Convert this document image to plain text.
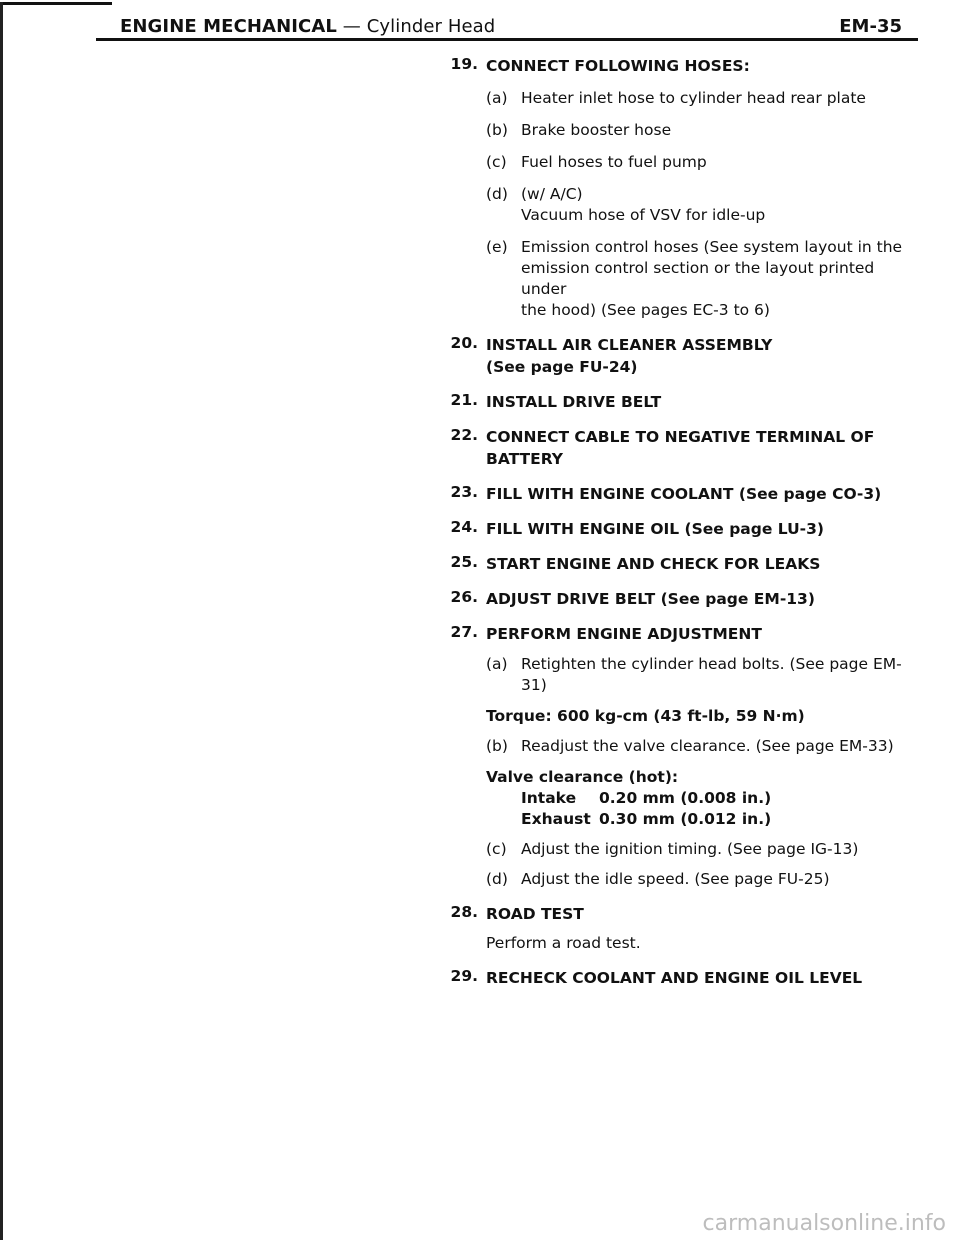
ENGINE MECHANICAL — Cylinder Head	EM-35
19. CONNECT FOLLOWING HOSES:
(a) Heater inlet hose to cylinder head rear plate
(b) Brake booster hose
(c) Fuel hoses to fuel pump
(d) (w/ A/C)
Vacuum hose of VSV for idle-up
(e) Emission control hoses (See system layout in the
emission control section or the layout printed under
the hood) (See pages EC-3 to 6)
20. INSTALL AIR CLEANER ASSEMBLY
(See page FU-24)
21. INSTALL DRIVE BELT
22. CONNECT CABLE TO NEGATIVE TERMINAL OF
BATTERY
23. FILL WITH ENGINE COOLANT (See page CO-3)
24. FILL WITH ENGINE OIL (See page LU-3)
25. START ENGINE AND CHECK FOR LEAKS
26. ADJUST DRIVE BELT (See page EM-13)
27. PERFORM ENGINE ADJUSTMENT
(a) Retighten the cylinder head bolts. (See page EM-31)
Torque: 600 kg-cm (43 ft-lb, 59 N·m)
(b) Readjust the valve clearance. (See page EM-33)
Valve clearance (hot):
Intake 0.20 mm (0.008 in.)
Exhaust 0.30 mm (0.012 in.)
(c) Adjust the ignition timing. (See page IG-13)
(d) Adjust the idle speed. (See page FU-25)
28. ROAD TEST
Perform a road test.
29. RECHECK COOLANT AND ENGINE OIL LEVEL
carmanualsonline.info
